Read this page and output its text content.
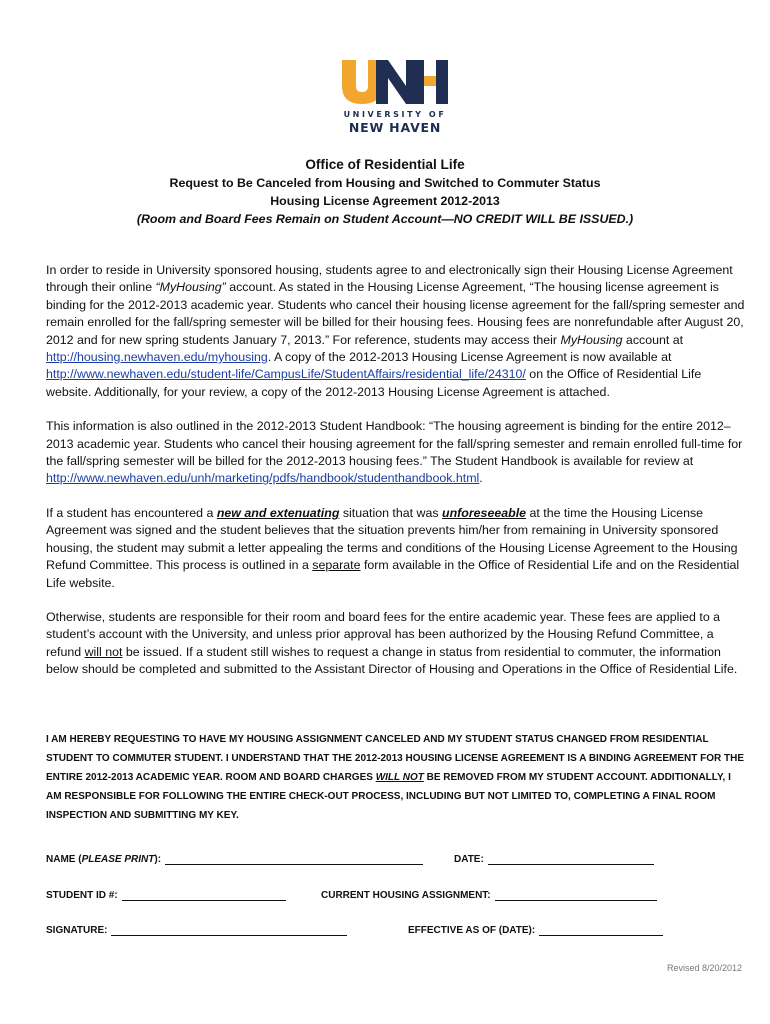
UNIVERSITY OF
NEW HAVEN
Office of Residential Life
Request to Be Canceled from Housing and Switched to Commuter Status
Housing License Agreement 2012-2013
(Room and Board Fees Remain on Student Account—NO CREDIT WILL BE ISSUED.)

In order to reside in University sponsored housing, students agree to and electronically sign their Housing License Agreement through their online “MyHousing” account. As stated in the Housing License Agreement, “The housing license agreement is binding for the 2012-2013 academic year. Students who cancel their housing license agreement for the fall/spring semester and remain enrolled for the fall/spring semester will be billed for their housing fees. Housing fees are nonrefundable after August 20, 2012 and for new spring students January 7, 2013.” For reference, students may access their MyHousing account at http://housing.newhaven.edu/myhousing. A copy of the 2012-2013 Housing License Agreement is now available at http://www.newhaven.edu/student-life/CampusLife/StudentAffairs/residential_life/24310/ on the Office of Residential Life website. Additionally, for your review, a copy of the 2012-2013 Housing License Agreement is attached.

This information is also outlined in the 2012-2013 Student Handbook: “The housing agreement is binding for the entire 2012–2013 academic year. Students who cancel their housing agreement for the fall/spring semester and remain enrolled full-time for the fall/spring semester will be billed for the 2012-2013 housing fees.” The Student Handbook is available for review at http://www.newhaven.edu/unh/marketing/pdfs/handbook/studenthandbook.html.

If a student has encountered a new and extenuating situation that was unforeseeable at the time the Housing License Agreement was signed and the student believes that the situation prevents him/her from remaining in University sponsored housing, the student may submit a letter appealing the terms and conditions of the Housing License Agreement to the Housing Refund Committee. This process is outlined in a separate form available in the Office of Residential Life and on the Residential Life website.

Otherwise, students are responsible for their room and board fees for the entire academic year. These fees are applied to a student’s account with the University, and unless prior approval has been authorized by the Housing Refund Committee, a refund will not be issued. If a student still wishes to request a change in status from residential to commuter, the information below should be completed and submitted to the Assistant Director of Housing and Operations in the Office of Residential Life.

I AM HEREBY REQUESTING TO HAVE MY HOUSING ASSIGNMENT CANCELED AND MY STUDENT STATUS CHANGED FROM RESIDENTIAL STUDENT TO COMMUTER STUDENT. I UNDERSTAND THAT THE 2012-2013 HOUSING LICENSE AGREEMENT IS A BINDING AGREEMENT FOR THE ENTIRE 2012-2013 ACADEMIC YEAR. ROOM AND BOARD CHARGES WILL NOT BE REMOVED FROM MY STUDENT ACCOUNT. ADDITIONALLY, I AM RESPONSIBLE FOR FOLLOWING THE ENTIRE CHECK-OUT PROCESS, INCLUDING BUT NOT LIMITED TO, COMPLETING A FINAL ROOM INSPECTION AND SUBMITTING MY KEY.
NAME (PLEASE PRINT):	DATE:
STUDENT ID #:	CURRENT HOUSING ASSIGNMENT:
SIGNATURE:	EFFECTIVE AS OF (DATE):
Revised 8/20/2012
